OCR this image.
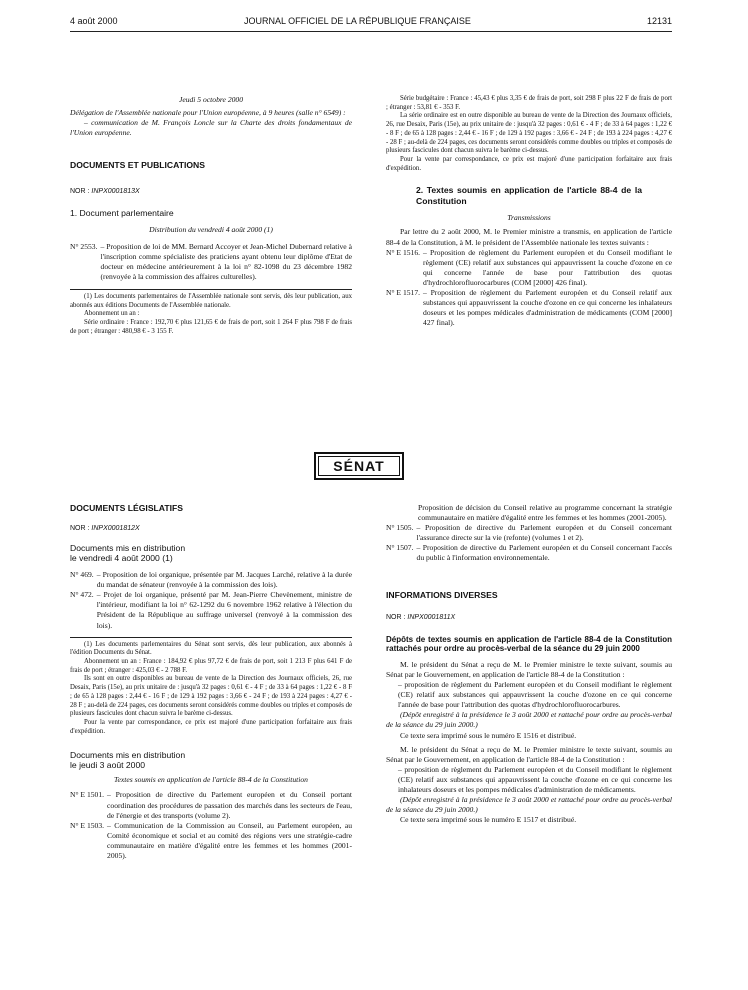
4 août 2000	JOURNAL OFFICIEL DE LA RÉPUBLIQUE FRANÇAISE	12131

Jeudi 5 octobre 2000

Délégation de l'Assemblée nationale pour l'Union européenne, à 9 heures (salle n° 6549) :

– communication de M. François Loncle sur la Charte des droits fondamentaux de l'Union européenne.

DOCUMENTS ET PUBLICATIONS

NOR : INPX0001813X

1. Document parlementaire

Distribution du vendredi 4 août 2000 (1)

N° 2553. – Proposition de loi de MM. Bernard Accoyer et Jean-Michel Dubernard relative à l'inscription comme spécialiste des praticiens ayant obtenu leur diplôme d'Etat de docteur en médecine antérieurement à la loi n° 82-1098 du 23 décembre 1982 (renvoyée à la commission des affaires culturelles).

(1) Les documents parlementaires de l'Assemblée nationale sont servis, dès leur publication, aux abonnés aux éditions Documents de l'Assemblée nationale.

Abonnement un an :

Série ordinaire : France : 192,70 € plus 121,65 € de frais de port, soit 1 264 F plus 798 F de frais de port ; étranger : 480,98 € - 3 155 F.

Série budgétaire : France : 45,43 € plus 3,35 € de frais de port, soit 298 F plus 22 F de frais de port ; étranger : 53,81 € - 353 F.

La série ordinaire est en outre disponible au bureau de vente de la Direction des Journaux officiels, 26, rue Desaix, Paris (15e), au prix unitaire de : jusqu'à 32 pages : 0,61 € - 4 F ; de 33 à 64 pages : 1,22 € - 8 F ; de 65 à 128 pages : 2,44 € - 16 F ; de 129 à 192 pages : 3,66 € - 24 F ; de 193 à 224 pages : 4,27 € - 28 F ; au-delà de 224 pages, ces documents seront considérés comme doubles ou triples et composés de plusieurs fascicules dont chacun suivra le barème ci-dessus.

Pour la vente par correspondance, ce prix est majoré d'une participation forfaitaire aux frais d'expédition.

2. Textes soumis en application de l'article 88-4 de la Constitution

Transmissions

Par lettre du 2 août 2000, M. le Premier ministre a transmis, en application de l'article 88-4 de la Constitution, à M. le président de l'Assemblée nationale les textes suivants :

N° E 1516. – Proposition de règlement du Parlement européen et du Conseil modifiant le règlement (CE) relatif aux substances qui appauvrissent la couche d'ozone en ce qui concerne l'année de base pour l'attribution des quotas d'hydrochlorofluorocarbures (COM [2000] 426 final).
N° E 1517. – Proposition de règlement du Parlement européen et du Conseil relatif aux substances qui appauvrissent la couche d'ozone en ce qui concerne les inhalateurs doseurs et les pompes médicales d'administration de médicaments (COM [2000] 427 final).
SÉNAT

DOCUMENTS LÉGISLATIFS

NOR : INPX0001812X

Documents mis en distribution

le vendredi 4 août 2000 (1)

N° 469. – Proposition de loi organique, présentée par M. Jacques Larché, relative à la durée du mandat de sénateur (renvoyée à la commission des lois).
N° 472. – Projet de loi organique, présenté par M. Jean-Pierre Chevènement, ministre de l'intérieur, modifiant la loi n° 62-1292 du 6 novembre 1962 relative à l'élection du Président de la République au suffrage universel (renvoyé à la commission des lois).

(1) Les documents parlementaires du Sénat sont servis, dès leur publication, aux abonnés à l'édition Documents du Sénat.

Abonnement un an : France : 184,92 € plus 97,72 € de frais de port, soit 1 213 F plus 641 F de frais de port ; étranger : 425,03 € - 2 788 F.

Ils sont en outre disponibles au bureau de vente de la Direction des Journaux officiels, 26, rue Desaix, Paris (15e), au prix unitaire de : jusqu'à 32 pages : 0,61 € - 4 F ; de 33 à 64 pages : 1,22 € - 8 F ; de 65 à 128 pages : 2,44 € - 16 F ; de 129 à 192 pages : 3,66 € - 24 F ; de 193 à 224 pages : 4,27 € - 28 F ; au-delà de 224 pages, ces documents seront considérés comme doubles ou triples et composés de plusieurs fascicules dont chacun suivra le barème ci-dessus.

Pour la vente par correspondance, ce prix est majoré d'une participation forfaitaire aux frais d'expédition.

Documents mis en distribution

le jeudi 3 août 2000

Textes soumis en application de l'article 88-4 de la Constitution

N° E 1501. – Proposition de directive du Parlement européen et du Conseil portant coordination des procédures de passation des marchés dans les secteurs de l'eau, de l'énergie et des transports (volume 2).
N° E 1503. – Communication de la Commission au Conseil, au Parlement européen, au Comité économique et social et au comité des régions vers une stratégie-cadre communautaire en matière d'égalité entre les femmes et les hommes (2001-2005).

Proposition de décision du Conseil relative au programme concernant la stratégie communautaire en matière d'égalité entre les femmes et les hommes (2001-2005).

N° 1505. – Proposition de directive du Parlement européen et du Conseil concernant l'assurance directe sur la vie (refonte) (volumes 1 et 2).
N° 1507. – Proposition de directive du Parlement européen et du Conseil concernant l'accès du public à l'information environnementale.

INFORMATIONS DIVERSES

NOR : INPX0001811X

Dépôts de textes soumis en application de l'article 88-4 de la Constitution rattachés pour ordre au procès-verbal de la séance du 29 juin 2000

M. le président du Sénat a reçu de M. le Premier ministre le texte suivant, soumis au Sénat par le Gouvernement, en application de l'article 88-4 de la Constitution :

– proposition de règlement du Parlement européen et du Conseil modifiant le règlement (CE) relatif aux substances qui appauvrissent la couche d'ozone en ce qui concerne l'année de base pour l'attribution des quotas d'hydrochlorofluorocarbures.

(Dépôt enregistré à la présidence le 3 août 2000 et rattaché pour ordre au procès-verbal de la séance du 29 juin 2000.)

Ce texte sera imprimé sous le numéro E 1516 et distribué.

M. le président du Sénat a reçu de M. le Premier ministre le texte suivant, soumis au Sénat par le Gouvernement, en application de l'article 88-4 de la Constitution :

– proposition de règlement du Parlement européen et du Conseil modifiant le règlement (CE) relatif aux substances qui appauvrissent la couche d'ozone en ce qui concerne les inhalateurs doseurs et les pompes médicales d'administration de médicaments.

(Dépôt enregistré à la présidence le 3 août 2000 et rattaché pour ordre au procès-verbal de la séance du 29 juin 2000.)

Ce texte sera imprimé sous le numéro E 1517 et distribué.
